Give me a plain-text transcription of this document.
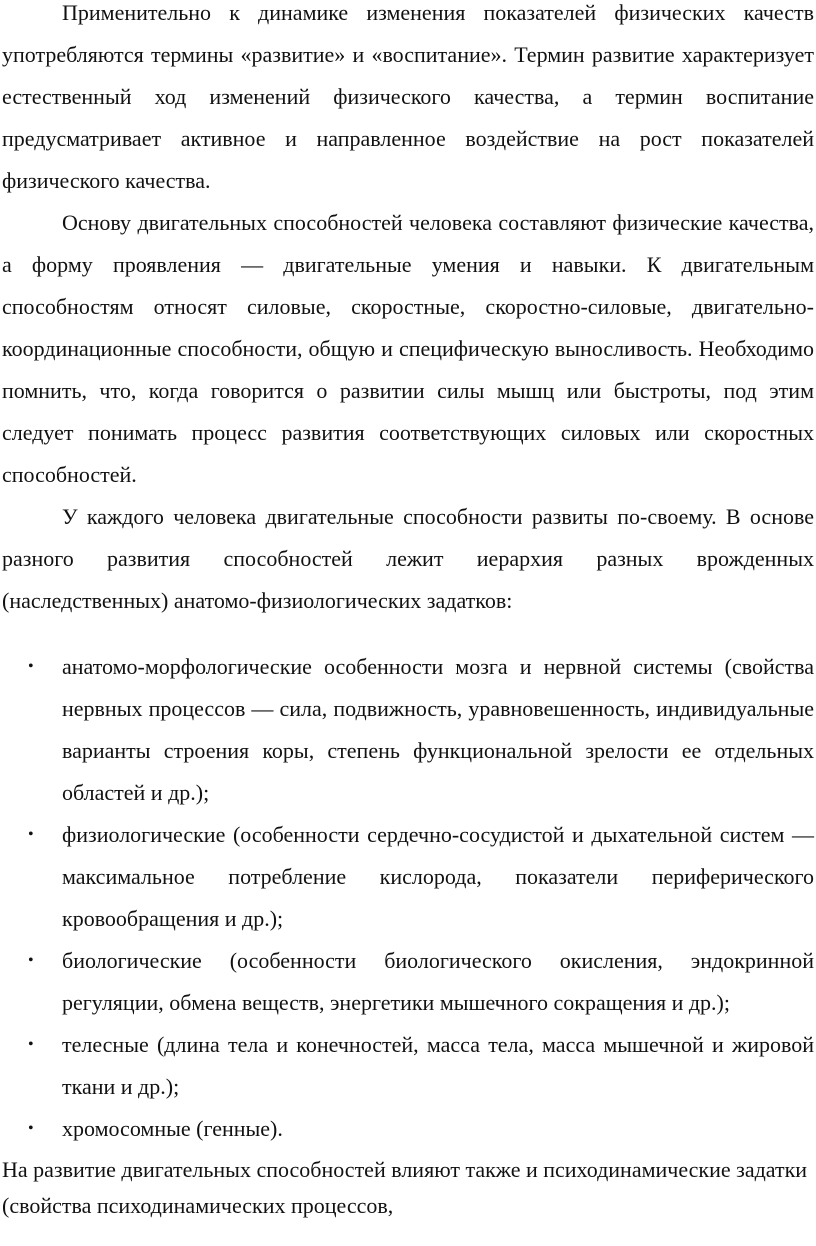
Применительно к динамике изменения показателей физических качеств употребляются термины «развитие» и «воспитание». Термин развитие характеризует естественный ход изменений физического качества, а термин воспитание предусматривает активное и направленное воздействие на рост показателей физического качества.

Основу двигательных способностей человека составляют физические качества, а форму проявления — двигательные умения и навыки. К двигательным способностям относят силовые, скоростные, скоростно-силовые, двигательно-координационные способности, общую и специфическую выносливость. Необходимо помнить, что, когда говорится о развитии силы мышц или быстроты, под этим следует понимать процесс развития соответствующих силовых или скоростных способностей.

У каждого человека двигательные способности развиты по-своему. В основе разного развития способностей лежит иерархия разных врожденных (наследственных) анатомо-физиологических задатков:

• анатомо-морфологические особенности мозга и нервной системы (свойства нервных процессов — сила, подвижность, уравновешенность, индивидуальные варианты строения коры, степень функциональной зрелости ее отдельных областей и др.);
• физиологические (особенности сердечно-сосудистой и дыхательной систем — максимальное потребление кислорода, показатели периферического кровообращения и др.);
• биологические (особенности биологического окисления, эндокринной регуляции, обмена веществ, энергетики мышечного сокращения и др.);
• телесные (длина тела и конечностей, масса тела, масса мышечной и жировой ткани и др.);
• хромосомные (генные).

На развитие двигательных способностей влияют также и психодинамические задатки (свойства психодинамических процессов,
